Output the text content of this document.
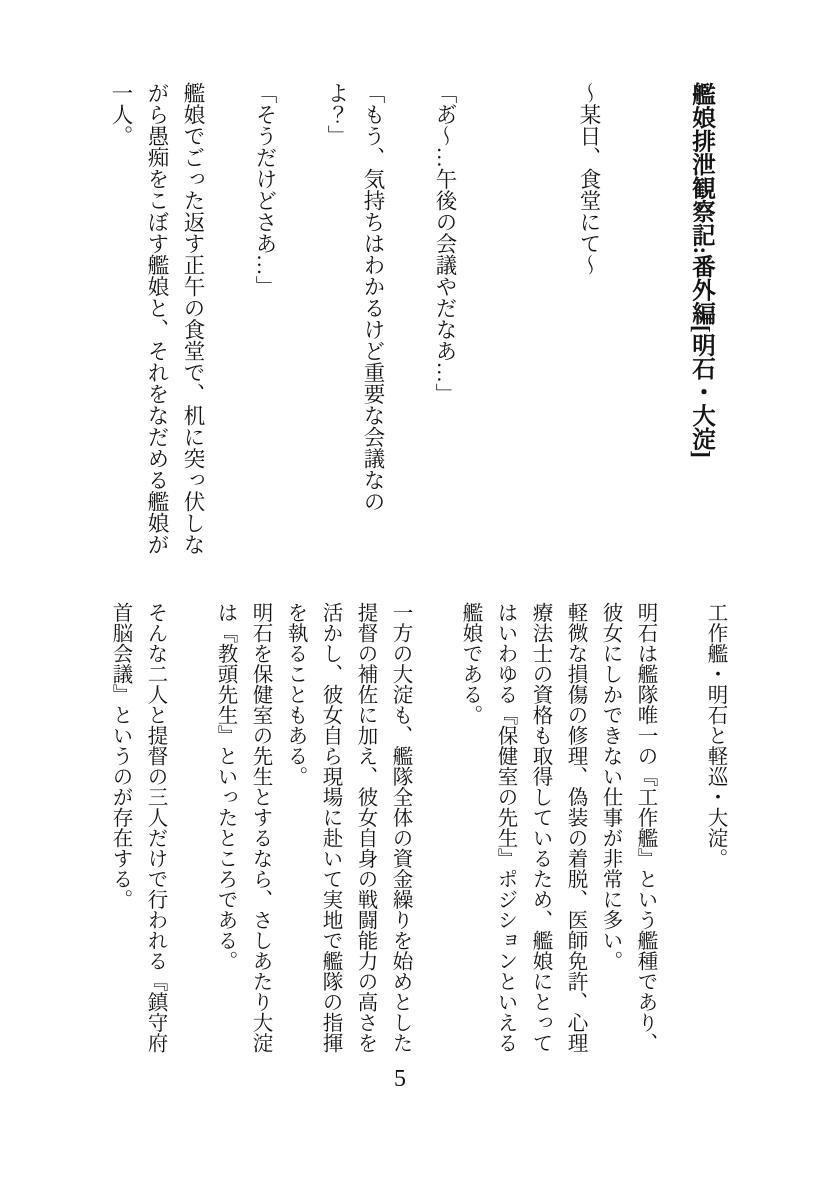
艦娘排泄観察記:番外編[明石・大淀]
～某日、食堂にて～
「あ゙～…午後の会議やだなあ…」
「もう、気持ちはわかるけど重要な会議なの
よ？」
「そうだけどさあ…」
艦娘でごった返す正午の食堂で、机に突っ伏しな
がら愚痴をこぼす艦娘と、それをなだめる艦娘が
一人。
工作艦・明石と軽巡・大淀。
明石は艦隊唯一の『工作艦』という艦種であり、
彼女にしかできない仕事が非常に多い。
軽微な損傷の修理、偽装の着脱、医師免許、心理
療法士の資格も取得しているため、艦娘にとって
はいわゆる『保健室の先生』ポジションといえる
艦娘である。
一方の大淀も、艦隊全体の資金繰りを始めとした
提督の補佐に加え、彼女自身の戦闘能力の高さを
活かし、彼女自ら現場に赴いて実地で艦隊の指揮
を執ることもある。
明石を保健室の先生とするなら、さしあたり大淀
は『教頭先生』といったところである。
そんな二人と提督の三人だけで行われる『鎮守府
首脳会議』というのが存在する。
5
